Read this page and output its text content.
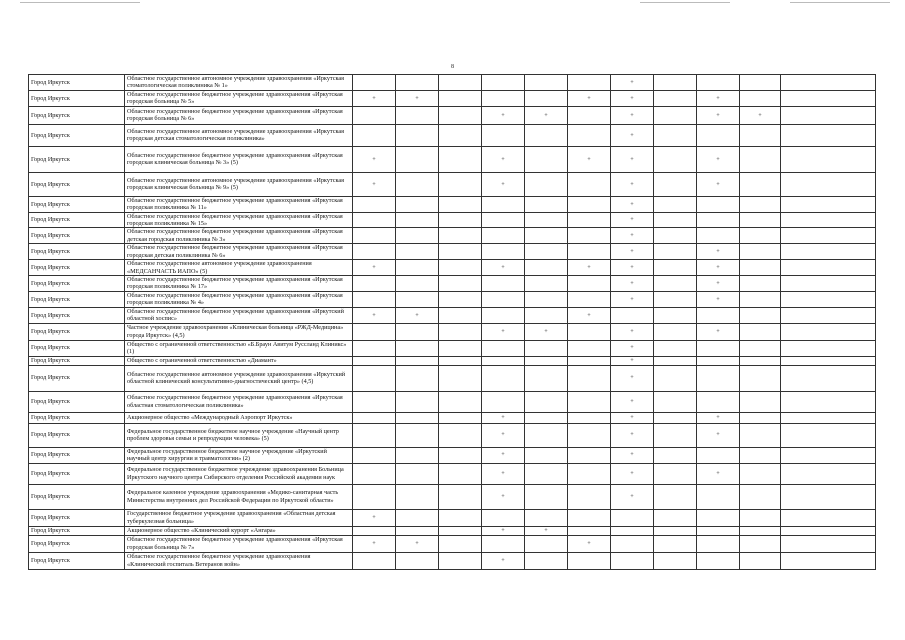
8
Город Иркутск	Областное государственное автономное учреждение здравоохранения «Иркутская стоматологическая поликлиника № 1»							+				
Город Иркутск	Областное государственное бюджетное учреждение здравоохранения «Иркутская городская больница № 5»	+	+				+	+		+		
Город Иркутск	Областное государственное бюджетное учреждение здравоохранения «Иркутская городская больница № 6»				+	+		+		+	+	
Город Иркутск	Областное государственное автономное учреждение здравоохранения «Иркутская городская детская стоматологическая поликлиника»							+				
Город Иркутск	Областное государственное бюджетное учреждение здравоохранения «Иркутская городская клиническая больница № 3» (5)	+			+		+	+		+		
Город Иркутск	Областное государственное автономное учреждение здравоохранения «Иркутская городская клиническая больница № 9» (5)	+			+			+		+		
Город Иркутск	Областное государственное бюджетное учреждение здравоохранения «Иркутская городская поликлиника № 11»							+				
Город Иркутск	Областное государственное бюджетное учреждение здравоохранения «Иркутская городская поликлиника № 15»							+				
Город Иркутск	Областное государственное бюджетное учреждение здравоохранения «Иркутская детская городская поликлиника № 3»							+				
Город Иркутск	Областное государственное бюджетное учреждение здравоохранения «Иркутская городская детская поликлиника № 6»							+		+		
Город Иркутск	Областное государственное автономное учреждение здравоохранения «МЕДСАНЧАСТЬ ИАПО» (5)	+			+		+	+		+		
Город Иркутск	Областное государственное бюджетное учреждение здравоохранения «Иркутская городская поликлиника № 17»							+		+		
Город Иркутск	Областное государственное бюджетное учреждение здравоохранения «Иркутская городская поликлиника № 4»							+		+		
Город Иркутск	Областное государственное бюджетное учреждение здравоохранения «Иркутский областной хоспис»	+	+				+					
Город Иркутск	Частное учреждение здравоохранения «Клиническая больница «РЖД-Медицина» города Иркутск» (4,5)				+	+		+		+		
Город Иркутск	Общество с ограниченной ответственностью «Б.Браун Авитум Руссланд Клиникс» (1)							+				
Город Иркутск	Общество с ограниченной ответственностью «Диамант»							+				
Город Иркутск	Областное государственное автономное учреждение здравоохранения «Иркутский областной клинический консультативно-диагностический центр» (4,5)							+				
Город Иркутск	Областное государственное бюджетное учреждение здравоохранения «Иркутская областная стоматологическая поликлиника»							+				
Город Иркутск	Акционерное общество «Международный Аэропорт Иркутск»				+			+		+		
Город Иркутск	Федеральное государственное бюджетное научное учреждение «Научный центр проблем здоровья семьи и репродукции человека» (5)				+			+		+		
Город Иркутск	Федеральное государственное бюджетное научное учреждение «Иркутский научный центр хирургии и травматологии» (2)				+			+				
Город Иркутск	Федеральное государственное бюджетное учреждение здравоохранения Больница Иркутского научного центра Сибирского отделения Российской академии наук				+			+		+		
Город Иркутск	Федеральное казенное учреждение здравоохранения «Медико-санитарная часть Министерства внутренних дел Российской Федерации по Иркутской области»				+			+				
Город Иркутск	Государственное бюджетное учреждение здравоохранения «Областная детская туберкулезная больница»	+										
Город Иркутск	Акционерное общество «Клинический курорт «Ангара»				+	+						
Город Иркутск	Областное государственное бюджетное учреждение здравоохранения «Иркутская городская больница № 7»	+	+				+					
Город Иркутск	Областное государственное бюджетное учреждение здравоохранения «Клинический госпиталь Ветеранов войн»				+							
